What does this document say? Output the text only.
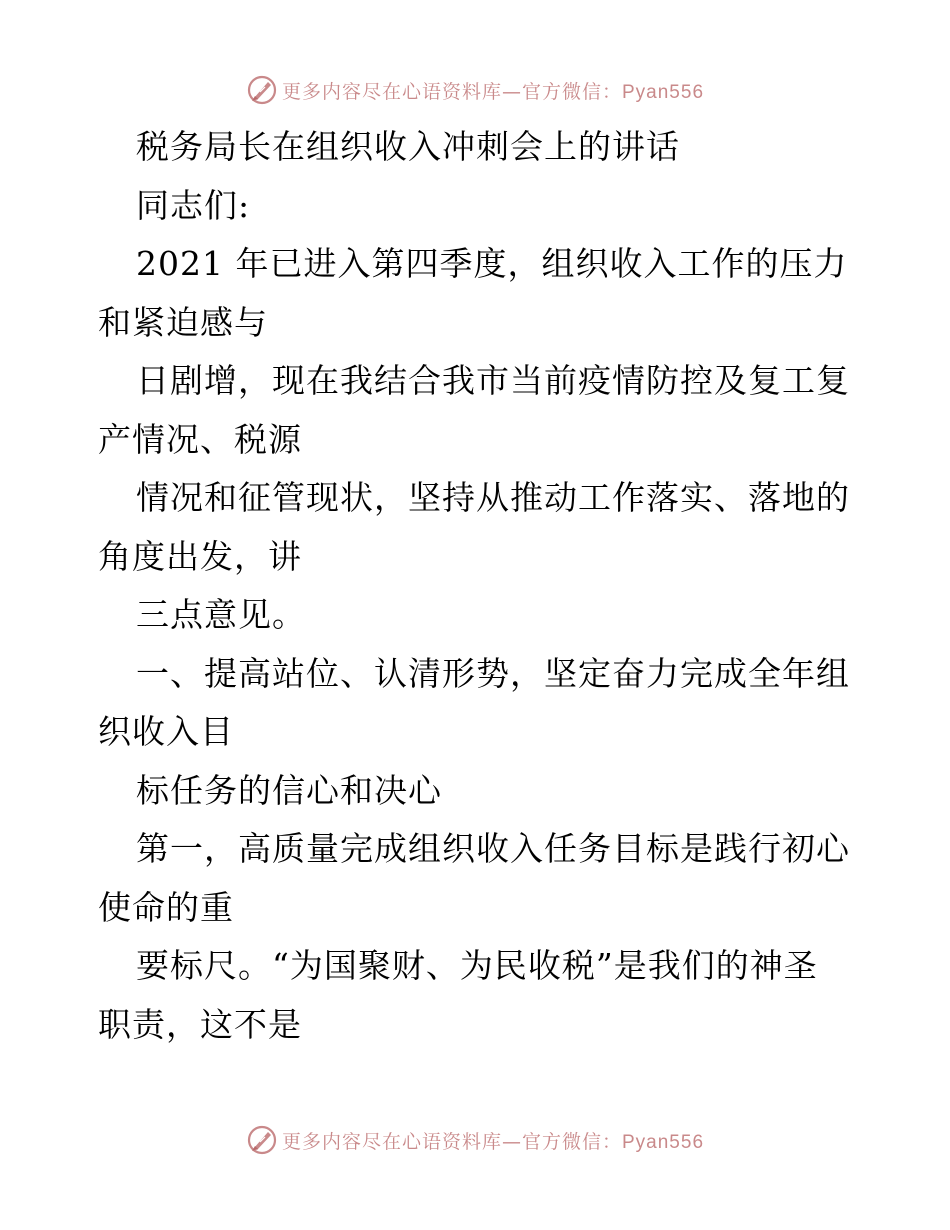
更多内容尽在心语资料库—官方微信：Pyan556
税务局长在组织收入冲刺会上的讲话
同志们:
2021 年已进入第四季度，组织收入工作的压力
和紧迫感与
日剧增，现在我结合我市当前疫情防控及复工复
产情况、税源
情况和征管现状，坚持从推动工作落实、落地的
角度出发，讲
三点意见。
一、提高站位、认清形势，坚定奋力完成全年组
织收入目
标任务的信心和决心
第一，高质量完成组织收入任务目标是践行初心
使命的重
要标尺。“为国聚财、为民收税”是我们的神圣
职责，这不是
更多内容尽在心语资料库—官方微信：Pyan556
